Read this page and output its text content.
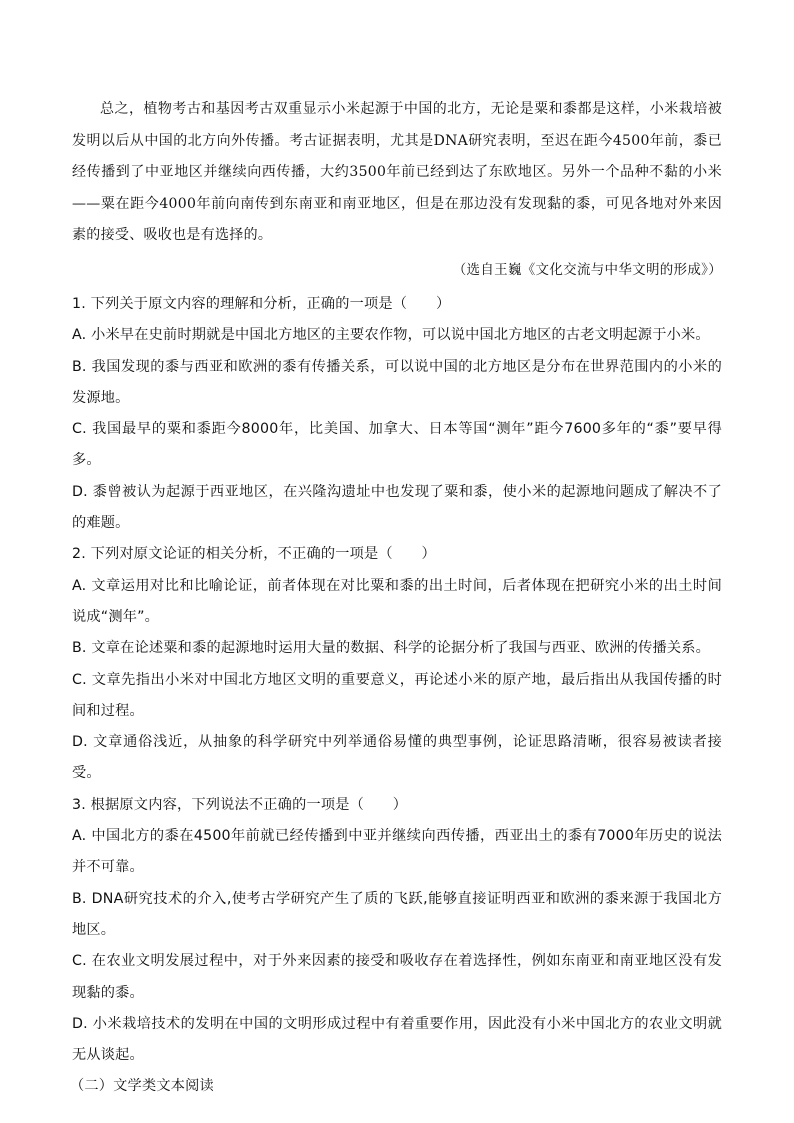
总之，植物考古和基因考古双重显示小米起源于中国的北方，无论是粟和黍都是这样，小米栽培被发明以后从中国的北方向外传播。考古证据表明，尤其是DNA研究表明，至迟在距今4500年前，黍已经传播到了中亚地区并继续向西传播，大约3500年前已经到达了东欧地区。另外一个品种不黏的小米——粟在距今4000年前向南传到东南亚和南亚地区，但是在那边没有发现黏的黍，可见各地对外来因素的接受、吸收也是有选择的。

（选自王巍《文化交流与中华文明的形成》）

1. 下列关于原文内容的理解和分析，正确的一项是（　　）

A. 小米早在史前时期就是中国北方地区的主要农作物，可以说中国北方地区的古老文明起源于小米。

B. 我国发现的黍与西亚和欧洲的黍有传播关系，可以说中国的北方地区是分布在世界范围内的小米的发源地。

C. 我国最早的粟和黍距今8000年，比美国、加拿大、日本等国“测年”距今7600多年的“黍”要早得多。

D. 黍曾被认为起源于西亚地区，在兴隆沟遗址中也发现了粟和黍，使小米的起源地问题成了解决不了的难题。

2. 下列对原文论证的相关分析，不正确的一项是（　　）

A. 文章运用对比和比喻论证，前者体现在对比粟和黍的出土时间，后者体现在把研究小米的出土时间说成“测年”。

B. 文章在论述粟和黍的起源地时运用大量的数据、科学的论据分析了我国与西亚、欧洲的传播关系。

C. 文章先指出小米对中国北方地区文明的重要意义，再论述小米的原产地，最后指出从我国传播的时间和过程。

D. 文章通俗浅近，从抽象的科学研究中列举通俗易懂的典型事例，论证思路清晰，很容易被读者接受。

3. 根据原文内容，下列说法不正确的一项是（　　）

A. 中国北方的黍在4500年前就已经传播到中亚并继续向西传播，西亚出土的黍有7000年历史的说法并不可靠。

B. DNA研究技术的介入,使考古学研究产生了质的飞跃,能够直接证明西亚和欧洲的黍来源于我国北方地区。

C. 在农业文明发展过程中，对于外来因素的接受和吸收存在着选择性，例如东南亚和南亚地区没有发现黏的黍。

D. 小米栽培技术的发明在中国的文明形成过程中有着重要作用，因此没有小米中国北方的农业文明就无从谈起。

（二）文学类文本阅读
